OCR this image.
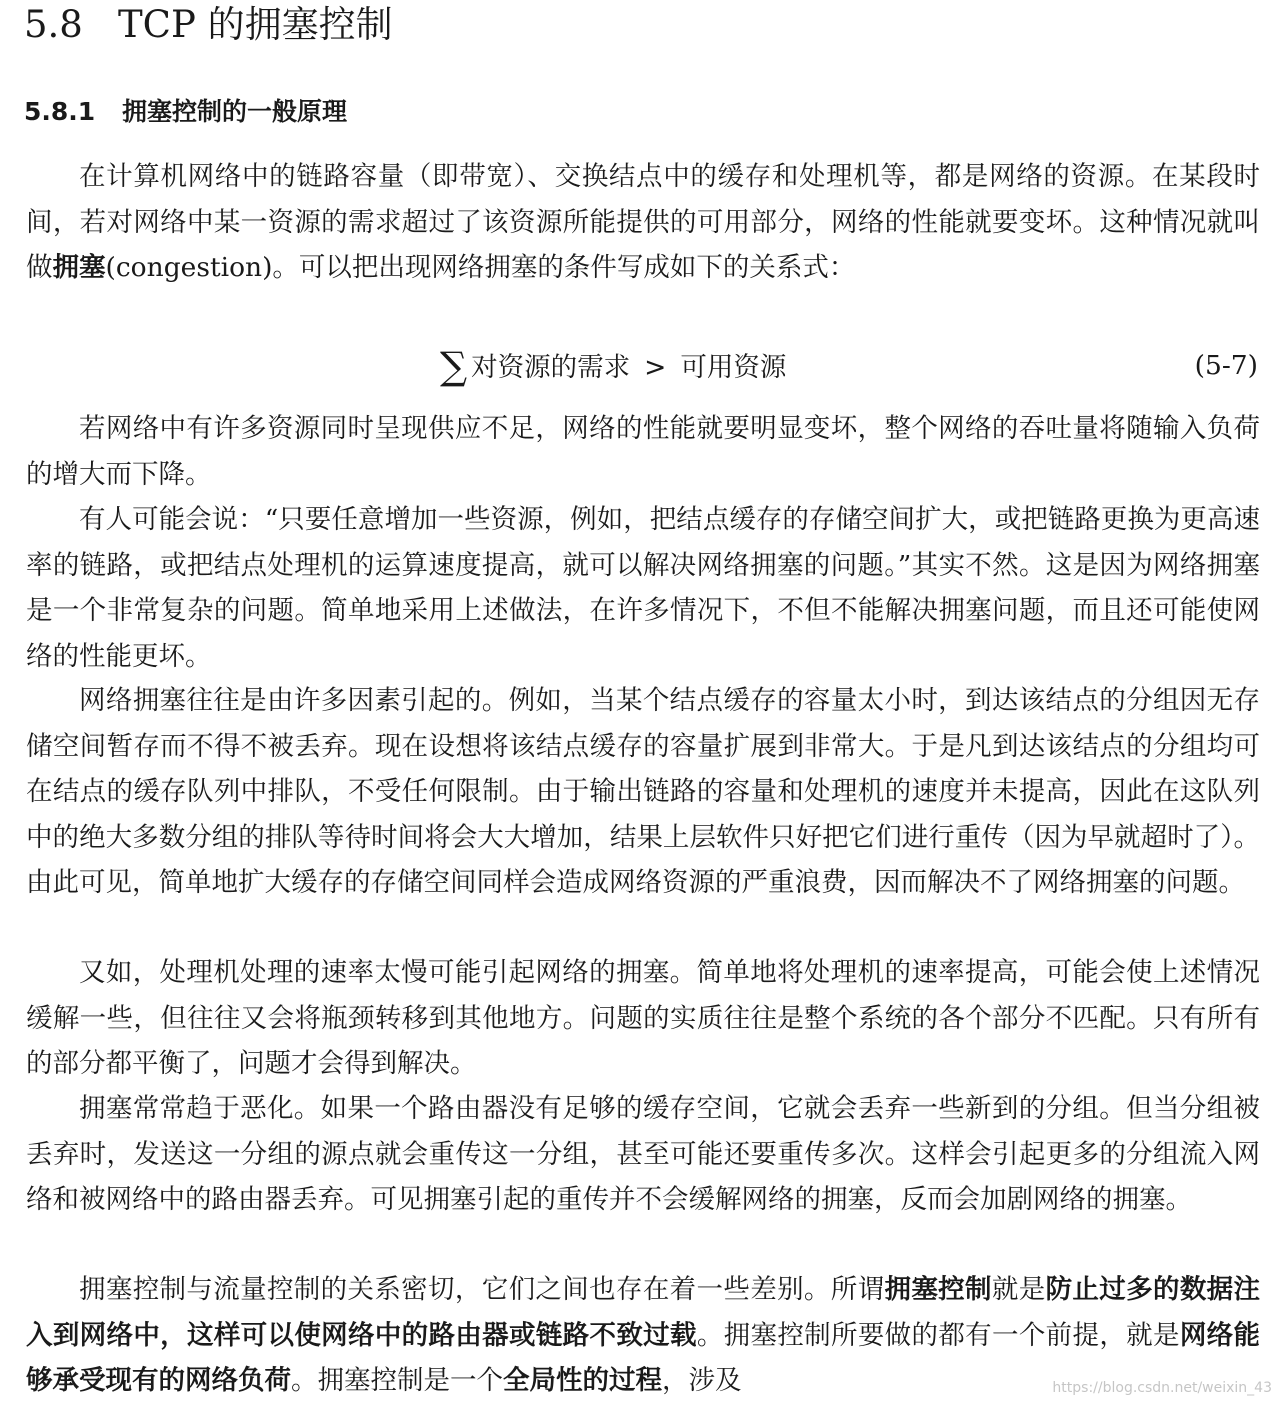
5.8 TCP 的拥塞控制
5.8.1 拥塞控制的一般原理

在计算机网络中的链路容量（即带宽）、交换结点中的缓存和处理机等，都是网络的资源。在某段时间，若对网络中某一资源的需求超过了该资源所能提供的可用部分，网络的性能就要变坏。这种情况就叫做拥塞(congestion)。可以把出现网络拥塞的条件写成如下的关系式：

∑ 对资源的需求 > 可用资源	(5-7)

若网络中有许多资源同时呈现供应不足，网络的性能就要明显变坏，整个网络的吞吐量将随输入负荷的增大而下降。

有人可能会说：“只要任意增加一些资源，例如，把结点缓存的存储空间扩大，或把链路更换为更高速率的链路，或把结点处理机的运算速度提高，就可以解决网络拥塞的问题。”其实不然。这是因为网络拥塞是一个非常复杂的问题。简单地采用上述做法，在许多情况下，不但不能解决拥塞问题，而且还可能使网络的性能更坏。

网络拥塞往往是由许多因素引起的。例如，当某个结点缓存的容量太小时，到达该结点的分组因无存储空间暂存而不得不被丢弃。现在设想将该结点缓存的容量扩展到非常大。于是凡到达该结点的分组均可在结点的缓存队列中排队，不受任何限制。由于输出链路的容量和处理机的速度并未提高，因此在这队列中的绝大多数分组的排队等待时间将会大大增加，结果上层软件只好把它们进行重传（因为早就超时了）。由此可见，简单地扩大缓存的存储空间同样会造成网络资源的严重浪费，因而解决不了网络拥塞的问题。

又如，处理机处理的速率太慢可能引起网络的拥塞。简单地将处理机的速率提高，可能会使上述情况缓解一些，但往往又会将瓶颈转移到其他地方。问题的实质往往是整个系统的各个部分不匹配。只有所有的部分都平衡了，问题才会得到解决。

拥塞常常趋于恶化。如果一个路由器没有足够的缓存空间，它就会丢弃一些新到的分组。但当分组被丢弃时，发送这一分组的源点就会重传这一分组，甚至可能还要重传多次。这样会引起更多的分组流入网络和被网络中的路由器丢弃。可见拥塞引起的重传并不会缓解网络的拥塞，反而会加剧网络的拥塞。

拥塞控制与流量控制的关系密切，它们之间也存在着一些差别。所谓拥塞控制就是防止过多的数据注入到网络中，这样可以使网络中的路由器或链路不致过载。拥塞控制所要做的都有一个前提，就是网络能够承受现有的网络负荷。拥塞控制是一个全局性的过程，涉及	https://blog.csdn.net/weixin_43
